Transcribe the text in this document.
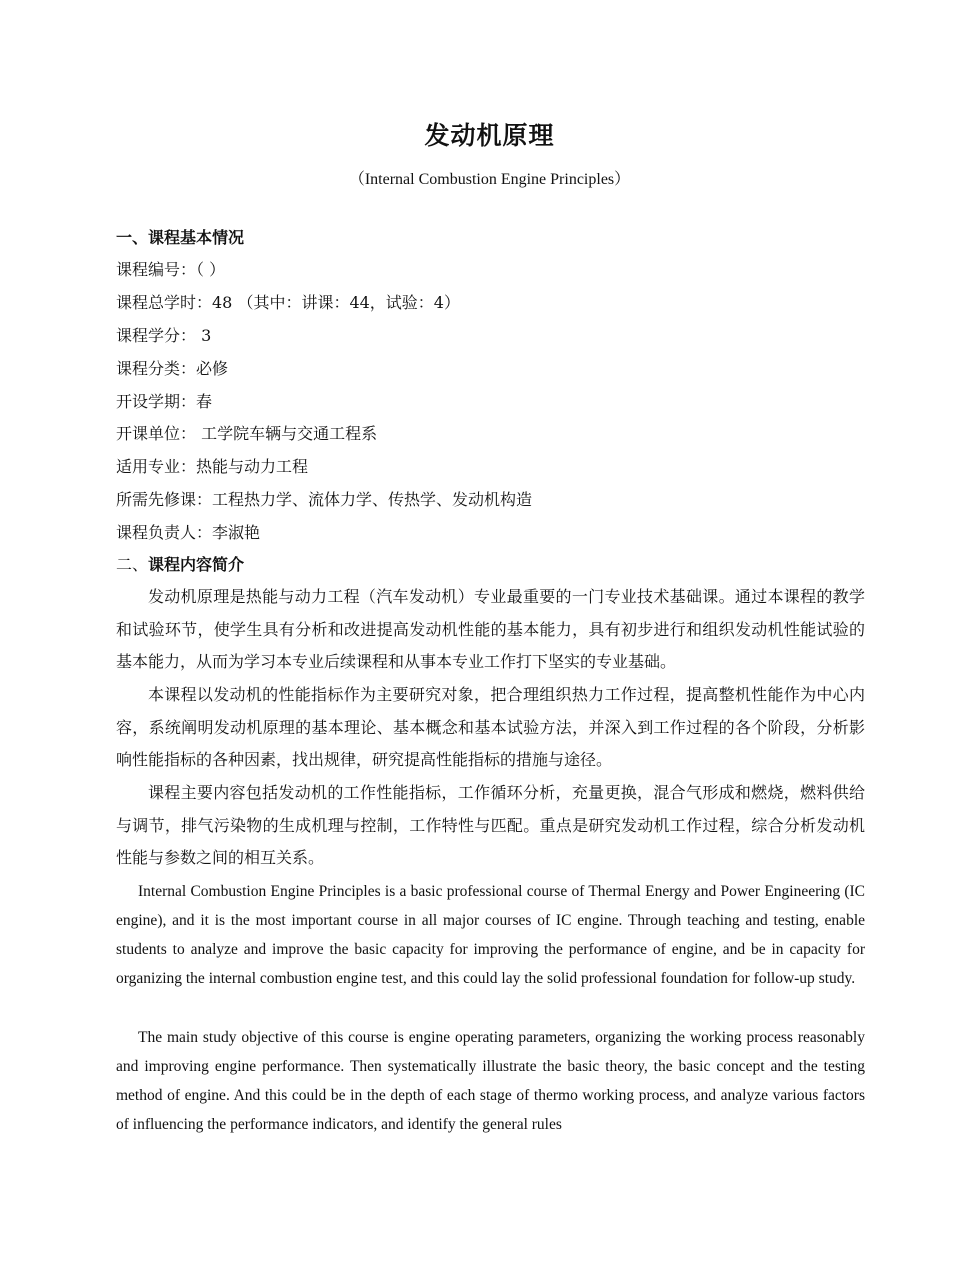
发动机原理
（Internal Combustion Engine Principles）
一、课程基本情况
课程编号：（ ）
课程总学时：48 （其中：讲课：44，试验：4）
课程学分： 3
课程分类：必修
开设学期：春
开课单位： 工学院车辆与交通工程系
适用专业：热能与动力工程
所需先修课：工程热力学、流体力学、传热学、发动机构造
课程负责人：李淑艳
二、课程内容简介
发动机原理是热能与动力工程（汽车发动机）专业最重要的一门专业技术基础课。通过本课程的教学和试验环节，使学生具有分析和改进提高发动机性能的基本能力，具有初步进行和组织发动机性能试验的基本能力，从而为学习本专业后续课程和从事本专业工作打下坚实的专业基础。
本课程以发动机的性能指标作为主要研究对象，把合理组织热力工作过程，提高整机性能作为中心内容，系统阐明发动机原理的基本理论、基本概念和基本试验方法，并深入到工作过程的各个阶段，分析影响性能指标的各种因素，找出规律，研究提高性能指标的措施与途径。
课程主要内容包括发动机的工作性能指标，工作循环分析，充量更换，混合气形成和燃烧，燃料供给与调节，排气污染物的生成机理与控制，工作特性与匹配。重点是研究发动机工作过程，综合分析发动机性能与参数之间的相互关系。
Internal Combustion Engine Principles is a basic professional course of Thermal Energy and Power Engineering (IC engine), and it is the most important course in all major courses of IC engine. Through teaching and testing, enable students to analyze and improve the basic capacity for improving the performance of engine, and be in capacity for organizing the internal combustion engine test, and this could lay the solid professional foundation for follow-up study.
The main study objective of this course is engine operating parameters, organizing the working process reasonably and improving engine performance. Then systematically illustrate the basic theory, the basic concept and the testing method of engine. And this could be in the depth of each stage of thermo working process, and analyze various factors of influencing the performance indicators, and identify the general rules
